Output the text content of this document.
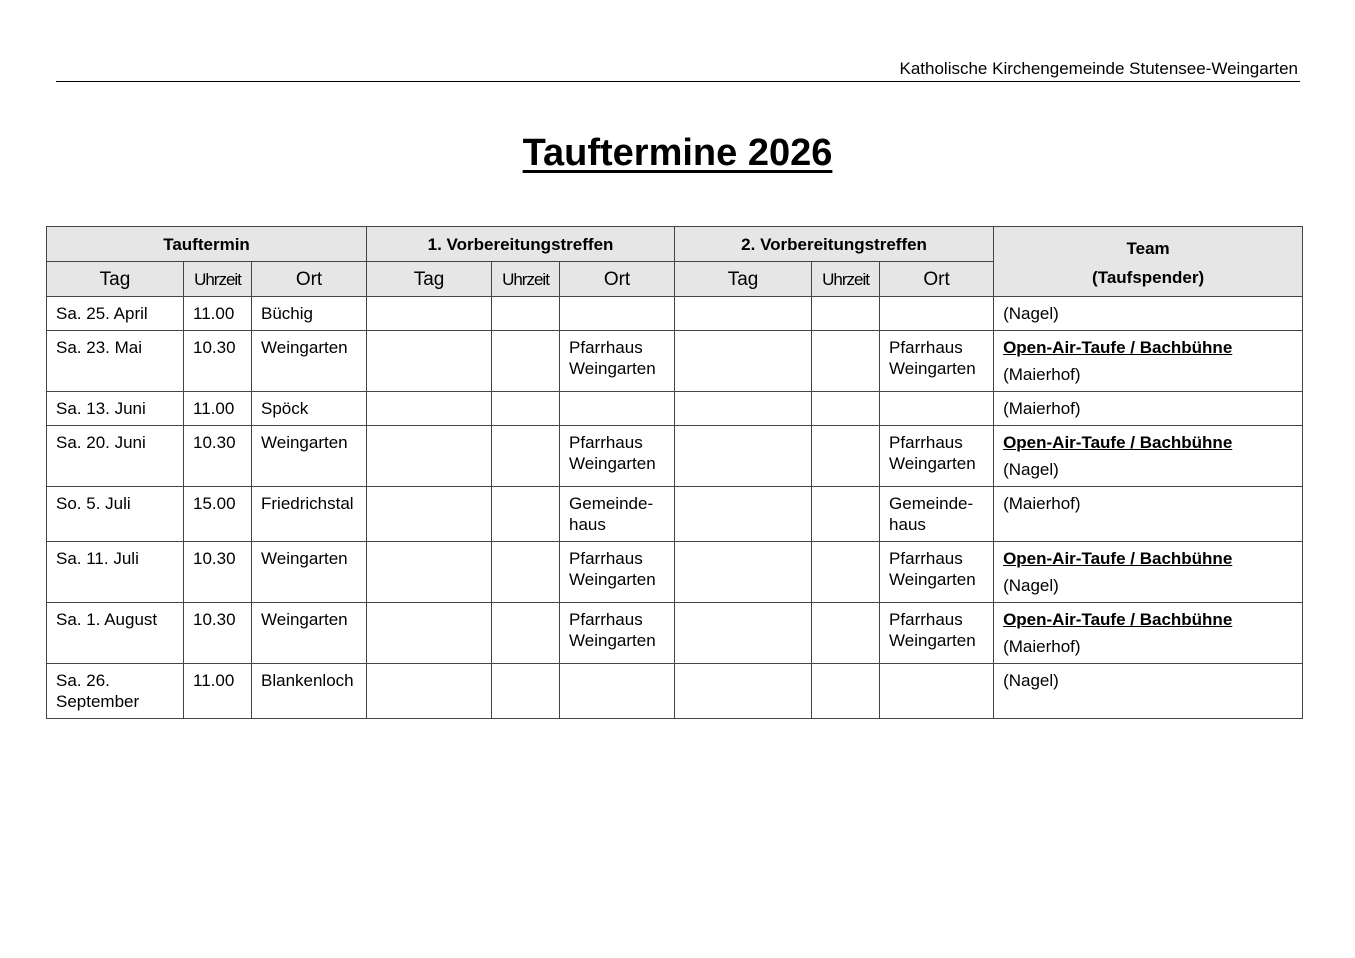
Katholische Kirchengemeinde Stutensee-Weingarten
Tauftermine 2026
Tauftermin			1. Vorbereitungstreffen			2. Vorbereitungstreffen			Team
(Taufspender)

Tag	Uhrzeit	Ort	Tag	Uhrzeit	Ort	Tag	Uhrzeit	Ort	
Sa. 25. April	11.00	Büchig							(Nagel)
Sa. 23. Mai	10.30	Weingarten			Pfarrhaus Weingarten			Pfarrhaus Weingarten	Open-Air-Taufe / Bachbühne
(Maierhof)

Sa. 13. Juni	11.00	Spöck							(Maierhof)
Sa. 20. Juni	10.30	Weingarten			Pfarrhaus Weingarten			Pfarrhaus Weingarten	Open-Air-Taufe / Bachbühne
(Nagel)

So. 5. Juli	15.00	Friedrichstal			Gemeinde-haus			Gemeinde-haus	(Maierhof)
Sa. 11. Juli	10.30	Weingarten			Pfarrhaus Weingarten			Pfarrhaus Weingarten	Open-Air-Taufe / Bachbühne
(Nagel)

Sa. 1. August	10.30	Weingarten			Pfarrhaus Weingarten			Pfarrhaus Weingarten	Open-Air-Taufe / Bachbühne
(Maierhof)

Sa. 26. September	11.00	Blankenloch							(Nagel)
